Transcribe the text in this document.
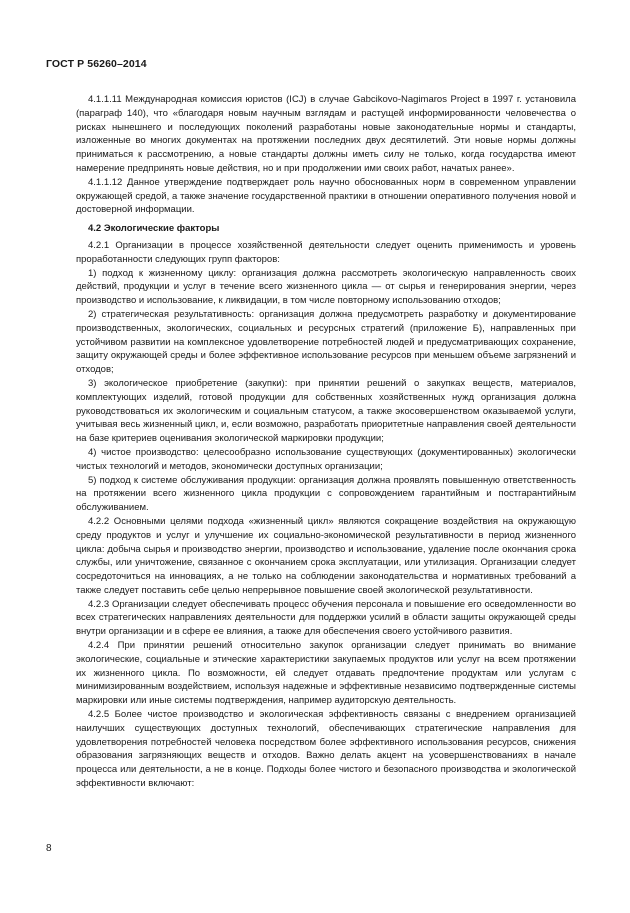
ГОСТ Р 56260–2014

4.1.1.11 Международная комиссия юристов (ICJ) в случае Gabcikovo-Nagimaros Project в 1997 г. установила (параграф 140), что «благодаря новым научным взглядам и растущей информированности человечества о рисках нынешнего и последующих поколений разработаны новые законодательные нормы и стандарты, изложенные во многих документах на протяжении последних двух десятилетий. Эти новые нормы должны приниматься к рассмотрению, а новые стандарты должны иметь силу не только, когда государства имеют намерение предпринять новые действия, но и при продолжении ими своих работ, начатых ранее».

4.1.1.12 Данное утверждение подтверждает роль научно обоснованных норм в современном управлении окружающей средой, а также значение государственной практики в отношении оперативного получения новой и достоверной информации.

4.2 Экологические факторы

4.2.1 Организации в процессе хозяйственной деятельности следует оценить применимость и уровень проработанности следующих групп факторов:

1) подход к жизненному циклу: организация должна рассмотреть экологическую направленность своих действий, продукции и услуг в течение всего жизненного цикла — от сырья и генерирования энергии, через производство и использование, к ликвидации, в том числе повторному использованию отходов;

2) стратегическая результативность: организация должна предусмотреть разработку и документирование производственных, экологических, социальных и ресурсных стратегий (приложение Б), направленных при устойчивом развитии на комплексное удовлетворение потребностей людей и предусматривающих сохранение, защиту окружающей среды и более эффективное использование ресурсов при меньшем объеме загрязнений и отходов;

3) экологическое приобретение (закупки): при принятии решений о закупках веществ, материалов, комплектующих изделий, готовой продукции для собственных хозяйственных нужд организация должна руководствоваться их экологическим и социальным статусом, а также экосовершенством оказываемой услуги, учитывая весь жизненный цикл, и, если возможно, разработать приоритетные направления своей деятельности на базе критериев оценивания экологической маркировки продукции;

4) чистое производство: целесообразно использование существующих (документированных) экологически чистых технологий и методов, экономически доступных организации;

5) подход к системе обслуживания продукции: организация должна проявлять повышенную ответственность на протяжении всего жизненного цикла продукции с сопровождением гарантийным и постгарантийным обслуживанием.

4.2.2 Основными целями подхода «жизненный цикл» являются сокращение воздействия на окружающую среду продуктов и услуг и улучшение их социально-экономической результативности в период жизненного цикла: добыча сырья и производство энергии, производство и использование, удаление после окончания срока службы, или уничтожение, связанное с окончанием срока эксплуатации, или утилизация. Организации следует сосредоточиться на инновациях, а не только на соблюдении законодательства и нормативных требований а также следует поставить себе целью непрерывное повышение своей экологической результативности.

4.2.3 Организации следует обеспечивать процесс обучения персонала и повышение его осведомленности во всех стратегических направлениях деятельности для поддержки усилий в области защиты окружающей среды внутри организации и в сфере ее влияния, а также для обеспечения своего устойчивого развития.

4.2.4 При принятии решений относительно закупок организации следует принимать во внимание экологические, социальные и этические характеристики закупаемых продуктов или услуг на всем протяжении их жизненного цикла. По возможности, ей следует отдавать предпочтение продуктам или услугам с минимизированным воздействием, используя надежные и эффективные независимо подтвержденные системы маркировки или иные системы подтверждения, например аудиторскую деятельность.

4.2.5 Более чистое производство и экологическая эффективность связаны с внедрением организацией наилучших существующих доступных технологий, обеспечивающих стратегические направления для удовлетворения потребностей человека посредством более эффективного использования ресурсов, снижения образования загрязняющих веществ и отходов. Важно делать акцент на усовершенствованиях в начале процесса или деятельности, а не в конце. Подходы более чистого и безопасного производства и экологической эффективности включают:

8
